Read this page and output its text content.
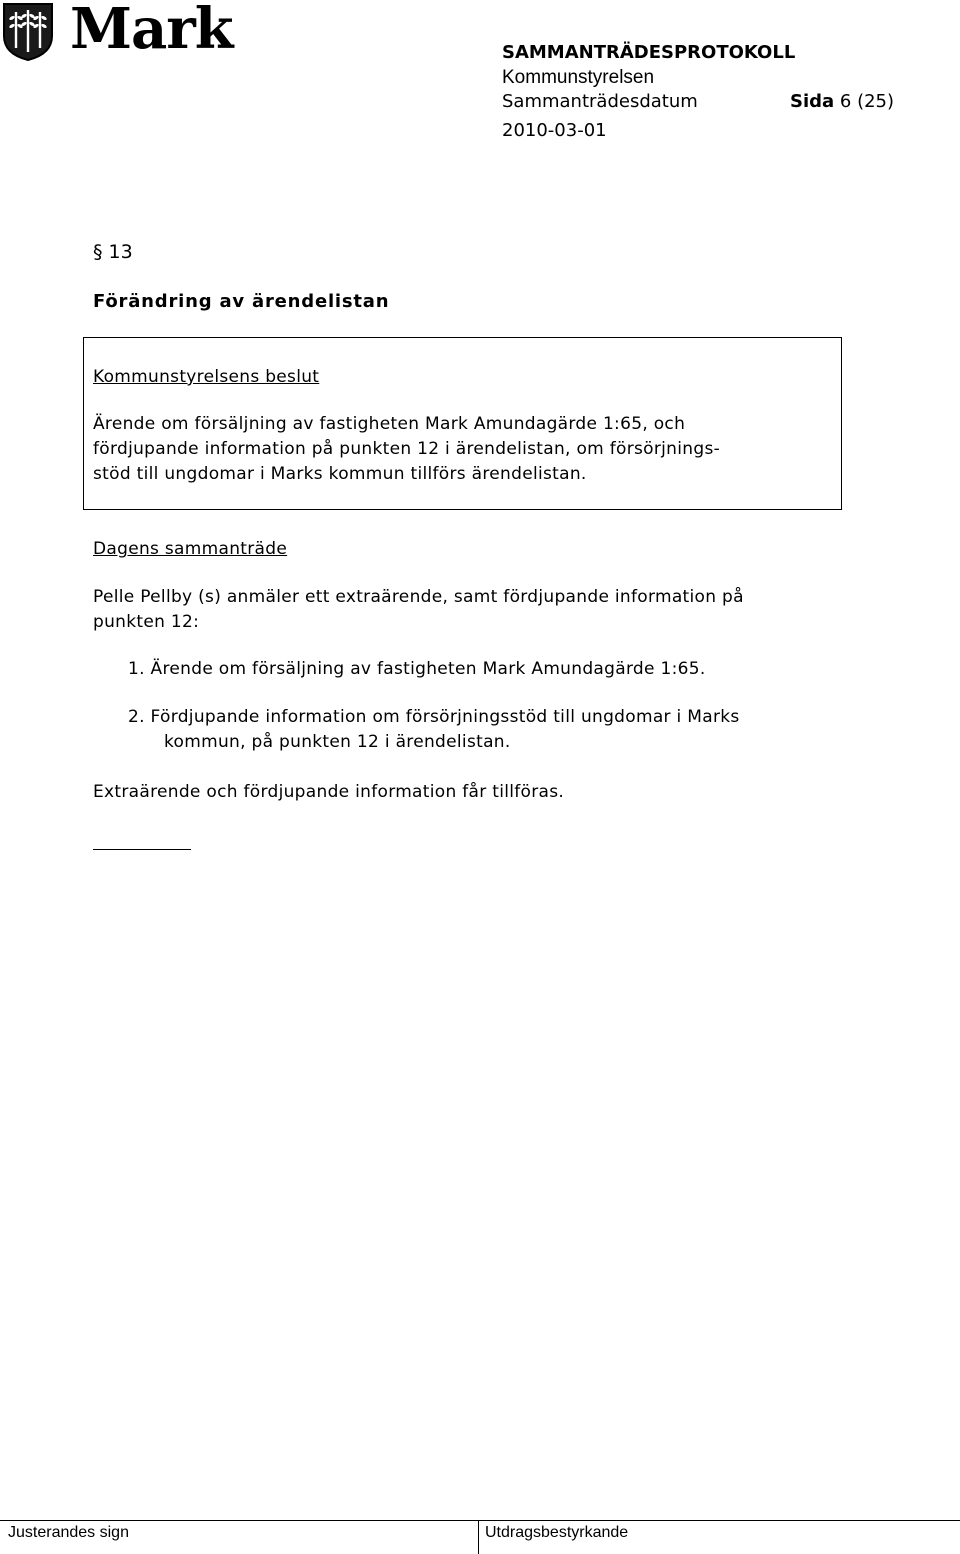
Mark	SAMMANTRÄDESPROTOKOLL
Kommunstyrelsen
Sammanträdesdatum	Sida 6 (25)
2010-03-01
§ 13
Förändring av ärendelistan
Kommunstyrelsens beslut
Ärende om försäljning av fastigheten Mark Amundagärde 1:65, och
fördjupande information på punkten 12 i ärendelistan, om försörjnings-
stöd till ungdomar i Marks kommun tillförs ärendelistan.
Dagens sammanträde
Pelle Pellby (s) anmäler ett extraärende, samt fördjupande information på
punkten 12:
1. Ärende om försäljning av fastigheten Mark Amundagärde 1:65.
2. Fördjupande information om försörjningsstöd till ungdomar i Marks
kommun, på punkten 12 i ärendelistan.
Extraärende och fördjupande information får tillföras.
Justerandes sign	Utdragsbestyrkande
